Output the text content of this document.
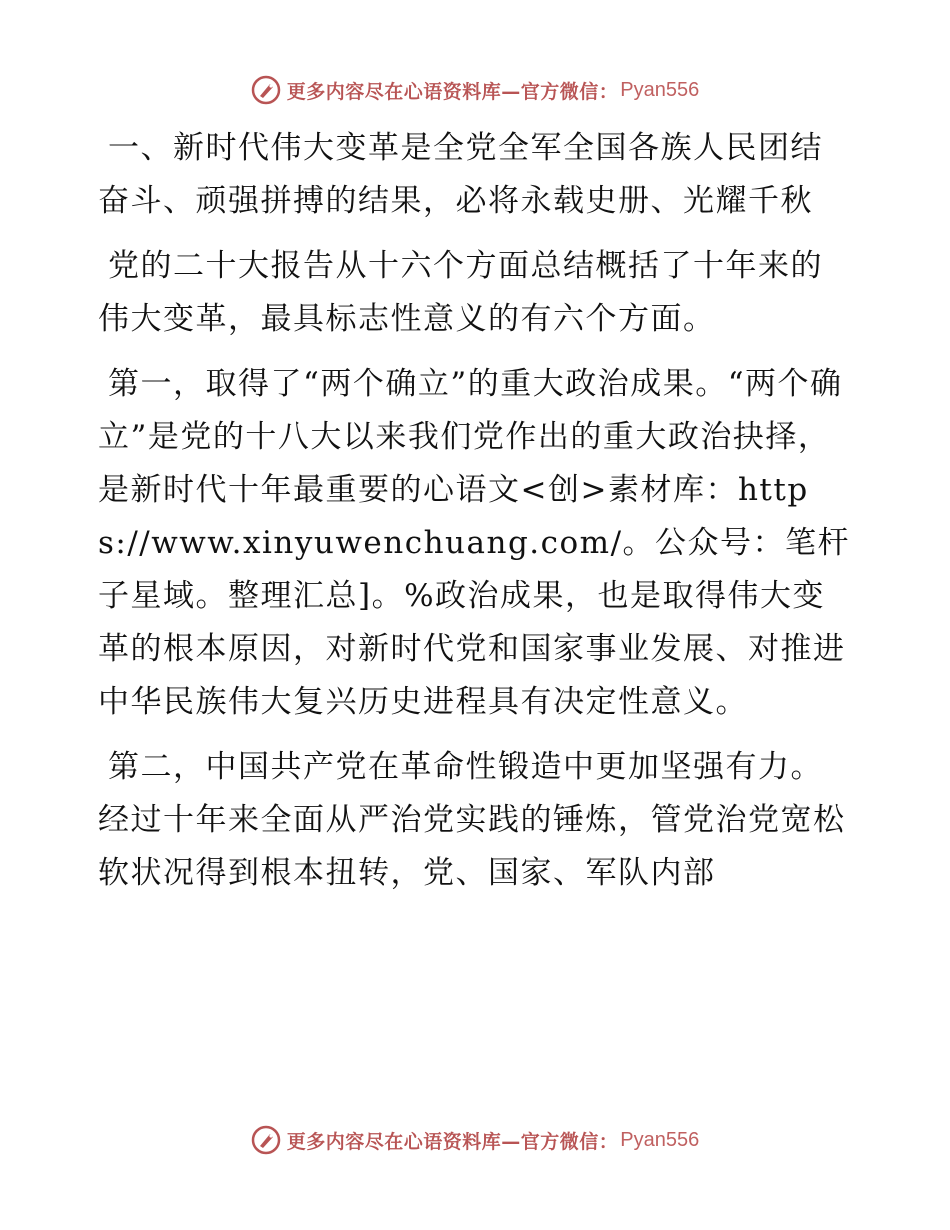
更多内容尽在心语资料库—官方微信： Pyan556

一、新时代伟大变革是全党全军全国各族人民团结奋斗、顽强拼搏的结果，必将永载史册、光耀千秋

党的二十大报告从十六个方面总结概括了十年来的伟大变革，最具标志性意义的有六个方面。

第一，取得了“两个确立”的重大政治成果。“两个确立”是党的十八大以来我们党作出的重大政治抉择，是新时代十年最重要的心语文<创>素材库：https://www.xinyuwenchuang.com/。公众号：笔杆子星域。整理汇总]。%政治成果，也是取得伟大变革的根本原因，对新时代党和国家事业发展、对推进中华民族伟大复兴历史进程具有决定性意义。

第二，中国共产党在革命性锻造中更加坚强有力。经过十年来全面从严治党实践的锤炼，管党治党宽松软状况得到根本扭转，党、国家、军队内部

更多内容尽在心语资料库—官方微信： Pyan556
